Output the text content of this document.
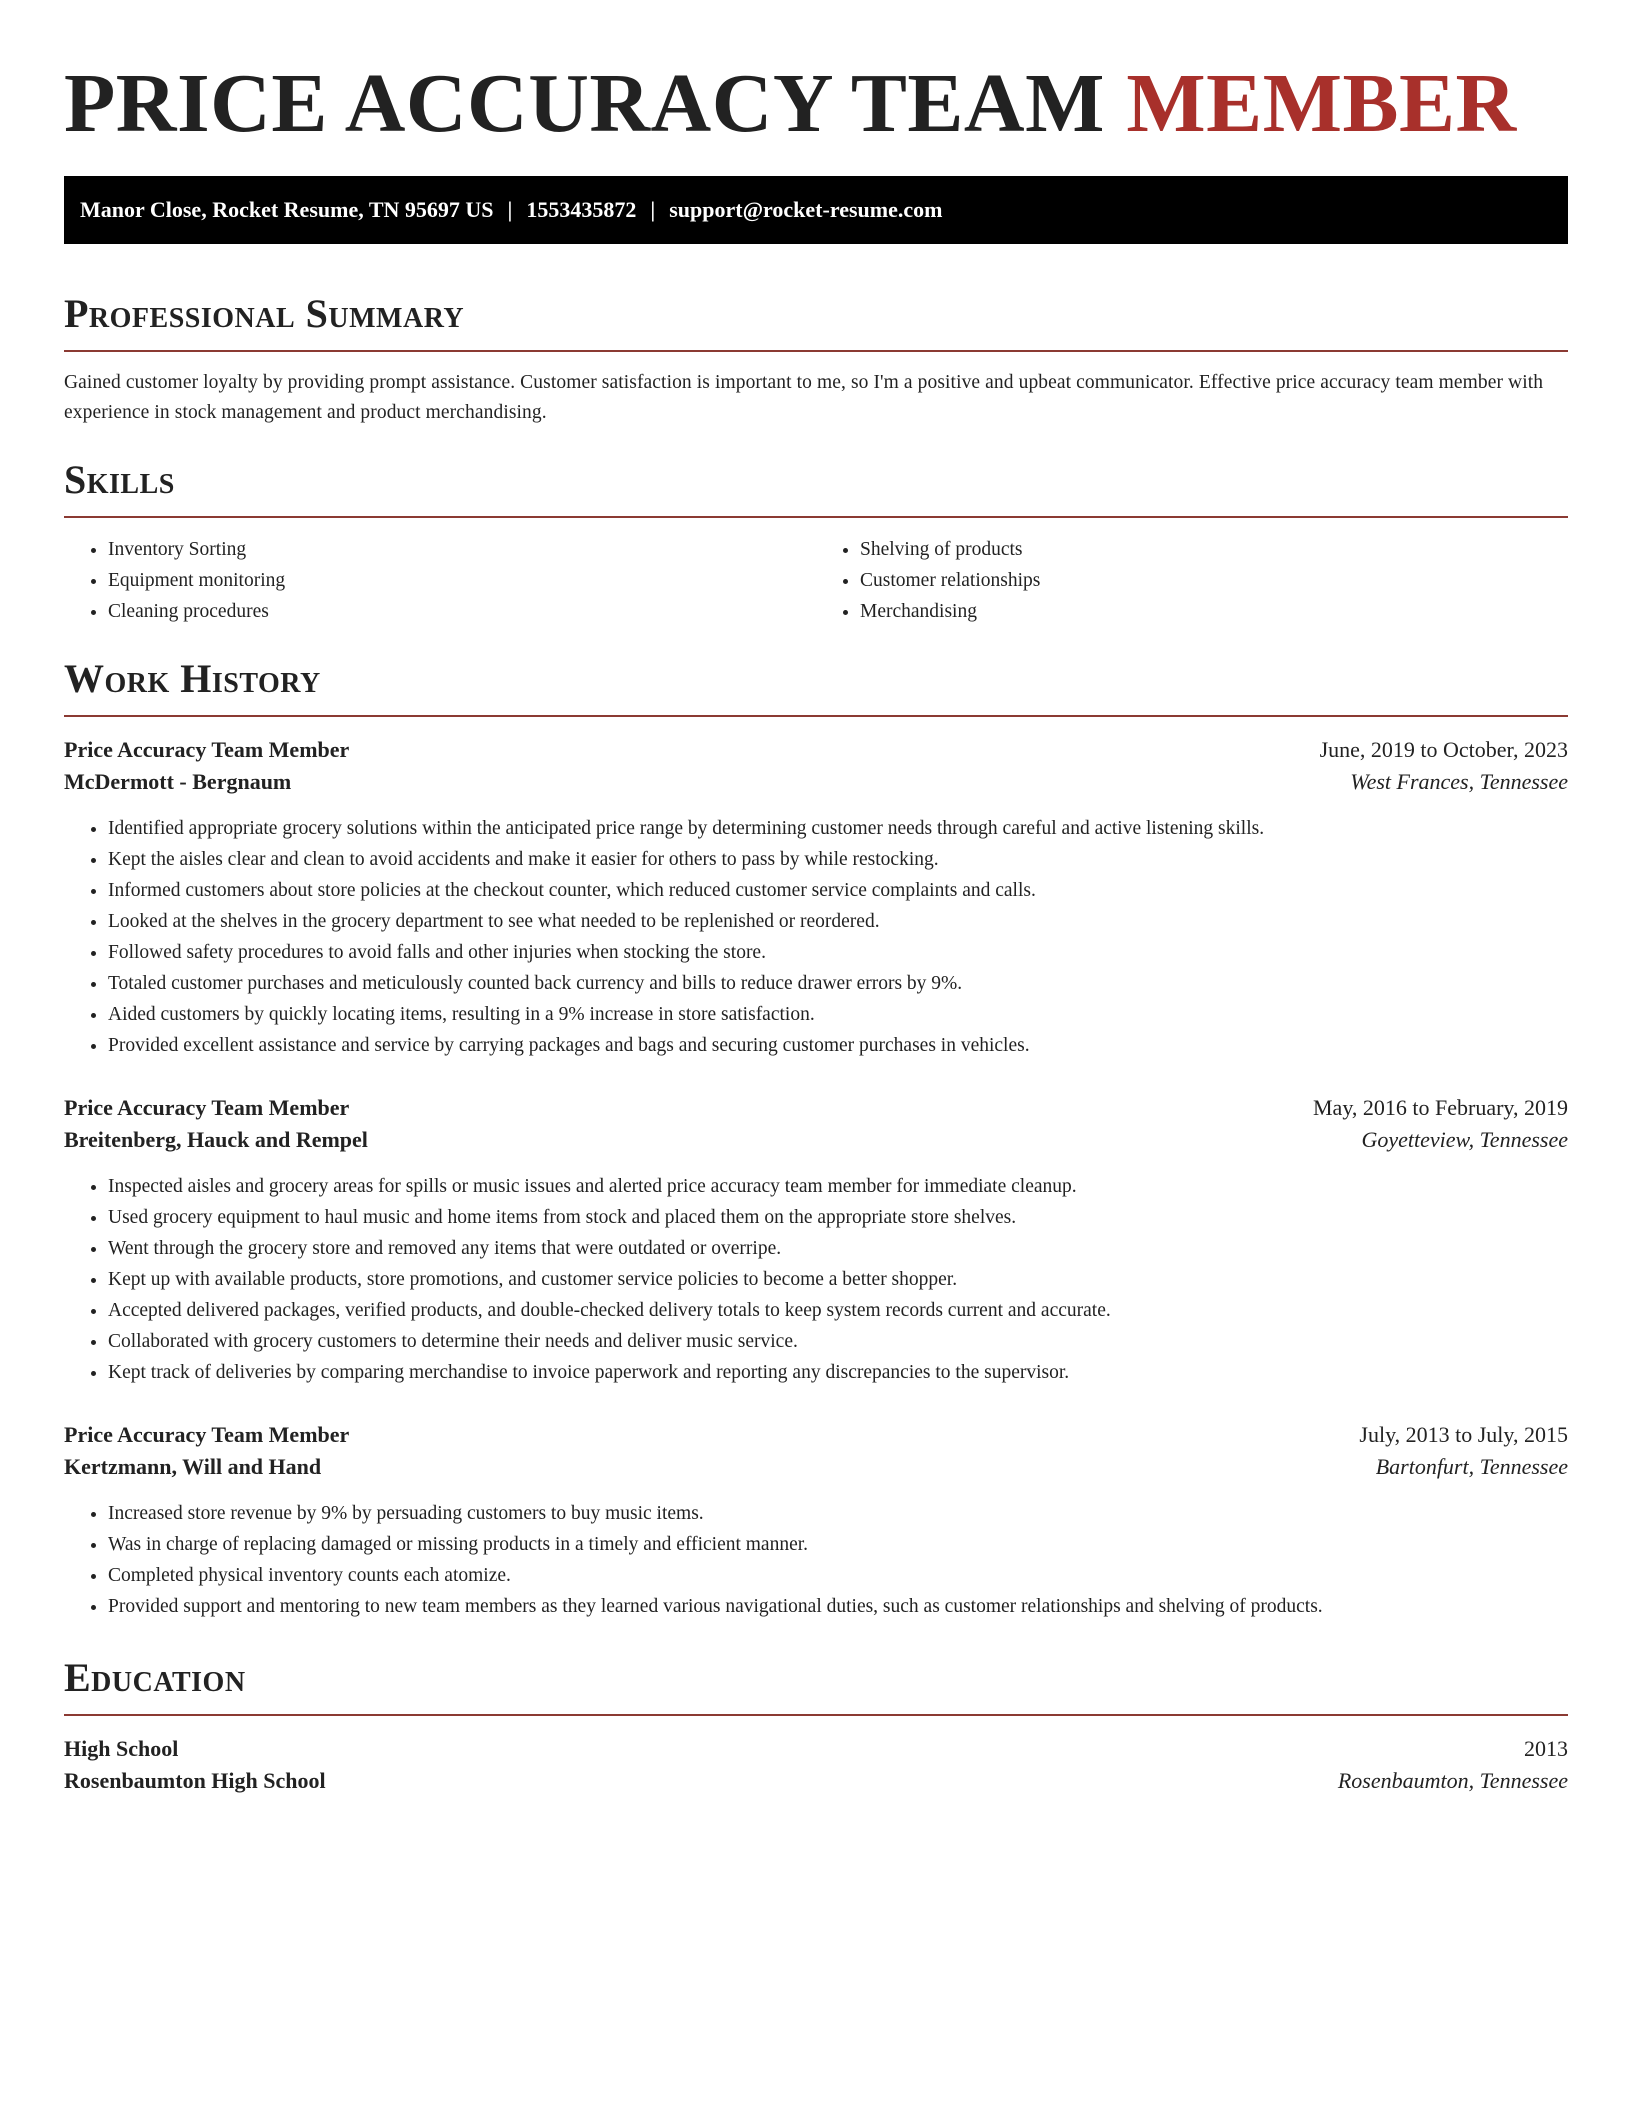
PRICE ACCURACY TEAM MEMBER
Manor Close, Rocket Resume, TN 95697 US | 1553435872 | support@rocket-resume.com
Professional Summary

Gained customer loyalty by providing prompt assistance. Customer satisfaction is important to me, so I'm a positive and upbeat communicator. Effective price accuracy team member with experience in stock management and product merchandising.

Skills
• Inventory Sorting
• Equipment monitoring
• Cleaning procedures
• Shelving of products
• Customer relationships
• Merchandising
Work History
Price Accuracy Team Member	June, 2019 to October, 2023
McDermott - Bergnaum	West Frances, Tennessee
• Identified appropriate grocery solutions within the anticipated price range by determining customer needs through careful and active listening skills.
• Kept the aisles clear and clean to avoid accidents and make it easier for others to pass by while restocking.
• Informed customers about store policies at the checkout counter, which reduced customer service complaints and calls.
• Looked at the shelves in the grocery department to see what needed to be replenished or reordered.
• Followed safety procedures to avoid falls and other injuries when stocking the store.
• Totaled customer purchases and meticulously counted back currency and bills to reduce drawer errors by 9%.
• Aided customers by quickly locating items, resulting in a 9% increase in store satisfaction.
• Provided excellent assistance and service by carrying packages and bags and securing customer purchases in vehicles.
Price Accuracy Team Member	May, 2016 to February, 2019
Breitenberg, Hauck and Rempel	Goyetteview, Tennessee
• Inspected aisles and grocery areas for spills or music issues and alerted price accuracy team member for immediate cleanup.
• Used grocery equipment to haul music and home items from stock and placed them on the appropriate store shelves.
• Went through the grocery store and removed any items that were outdated or overripe.
• Kept up with available products, store promotions, and customer service policies to become a better shopper.
• Accepted delivered packages, verified products, and double-checked delivery totals to keep system records current and accurate.
• Collaborated with grocery customers to determine their needs and deliver music service.
• Kept track of deliveries by comparing merchandise to invoice paperwork and reporting any discrepancies to the supervisor.
Price Accuracy Team Member	July, 2013 to July, 2015
Kertzmann, Will and Hand	Bartonfurt, Tennessee
• Increased store revenue by 9% by persuading customers to buy music items.
• Was in charge of replacing damaged or missing products in a timely and efficient manner.
• Completed physical inventory counts each atomize.
• Provided support and mentoring to new team members as they learned various navigational duties, such as customer relationships and shelving of products.
Education
High School	2013
Rosenbaumton High School	Rosenbaumton, Tennessee
